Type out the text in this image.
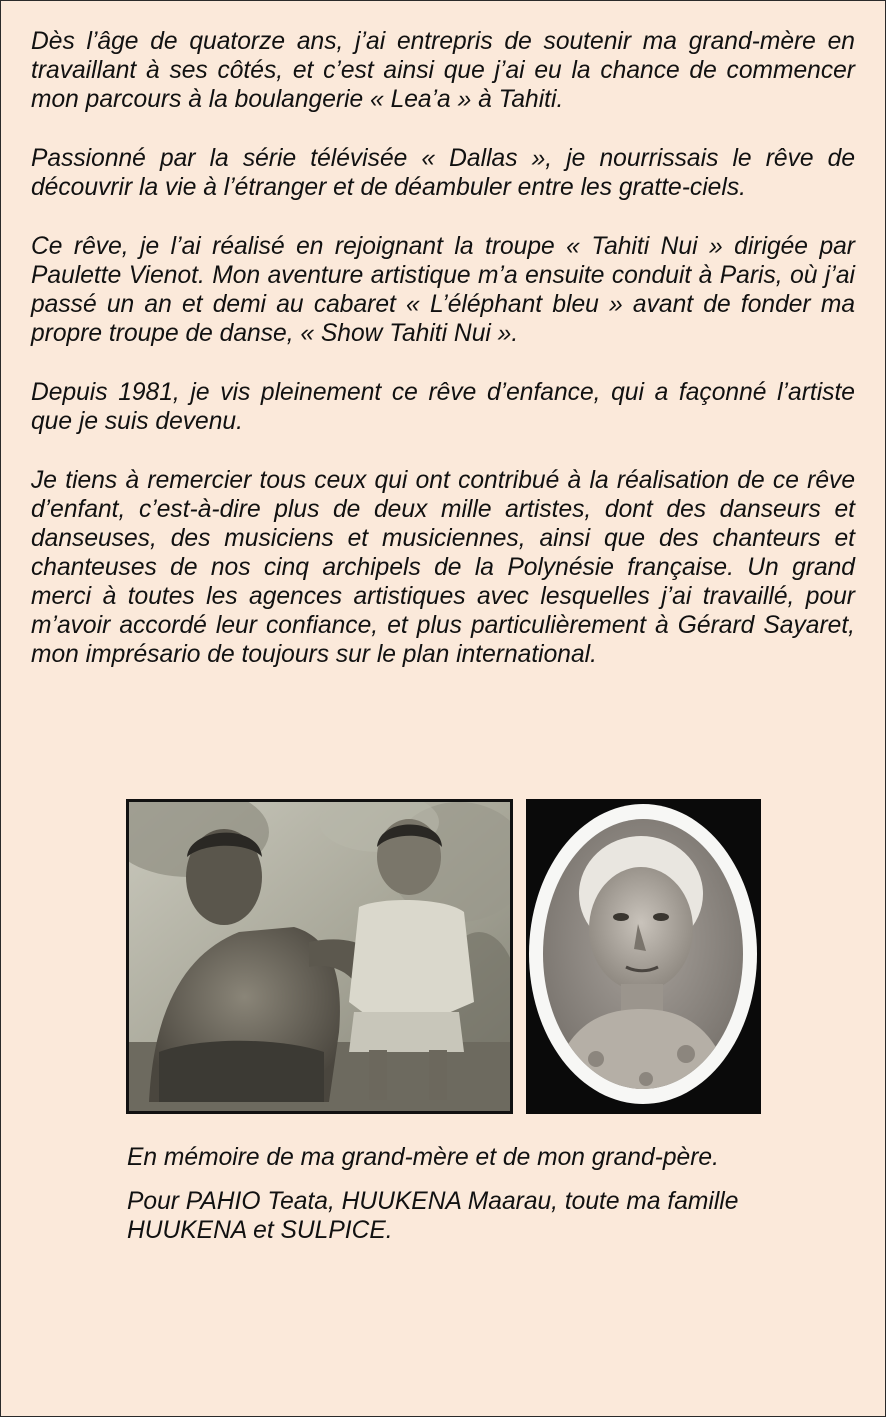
Dès l’âge de quatorze ans, j’ai entrepris de soutenir ma grand-mère en travaillant à ses côtés, et c’est ainsi que j’ai eu la chance de commencer mon parcours à la boulangerie « Lea’a » à Tahiti.

Passionné par la série télévisée « Dallas », je nourrissais le rêve de découvrir la vie à l’étranger et de déambuler entre les gratte-ciels.

Ce rêve, je l’ai réalisé en rejoignant la troupe « Tahiti Nui » dirigée par Paulette Vienot. Mon aventure artistique m’a ensuite conduit à Paris, où j’ai passé un an et demi au cabaret « L’éléphant bleu » avant de fonder ma propre troupe de danse, « Show Tahiti Nui ».

Depuis 1981, je vis pleinement ce rêve d’enfance, qui a façonné l’artiste que je suis devenu.

Je tiens à remercier tous ceux qui ont contribué à la réalisation de ce rêve d’enfant, c’est-à-dire plus de deux mille artistes, dont des danseurs et danseuses, des musiciens et musiciennes, ainsi que des chanteurs et chanteuses de nos cinq archipels de la Polynésie française. Un grand merci à toutes les agences artistiques avec lesquelles j’ai travaillé, pour m’avoir accordé leur confiance, et plus particulièrement à Gérard Sayaret, mon imprésario de toujours sur le plan international.

En mémoire de ma grand-mère et de mon grand-père.

Pour PAHIO Teata, HUUKENA Maarau, toute ma famille HUUKENA et SULPICE.
